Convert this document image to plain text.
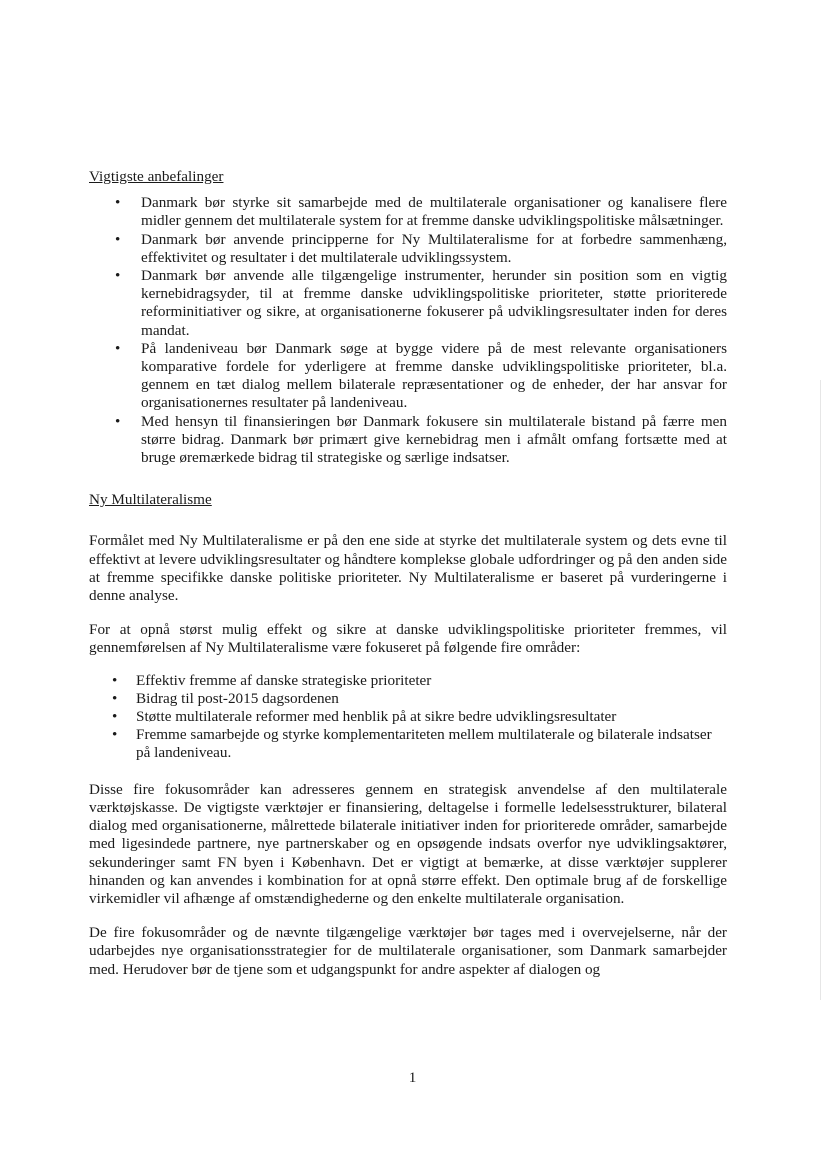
Vigtigste anbefalinger

• Danmark bør styrke sit samarbejde med de multilaterale organisationer og kanalisere flere midler gennem det multilaterale system for at fremme danske udviklingspolitiske målsætninger.
• Danmark bør anvende principperne for Ny Multilateralisme for at forbedre sammenhæng, effektivitet og resultater i det multilaterale udviklingssystem.
• Danmark bør anvende alle tilgængelige instrumenter, herunder sin position som en vigtig kernebidragsyder, til at fremme danske udviklingspolitiske prioriteter, støtte prioriterede reforminitiativer og sikre, at organisationerne fokuserer på udviklingsresultater inden for deres mandat.
• På landeniveau bør Danmark søge at bygge videre på de mest relevante organisationers komparative fordele for yderligere at fremme danske udviklingspolitiske prioriteter, bl.a. gennem en tæt dialog mellem bilaterale repræsentationer og de enheder, der har ansvar for organisationernes resultater på landeniveau.
• Med hensyn til finansieringen bør Danmark fokusere sin multilaterale bistand på færre men større bidrag. Danmark bør primært give kernebidrag men i afmålt omfang fortsætte med at bruge øremærkede bidrag til strategiske og særlige indsatser.

Ny Multilateralisme

Formålet med Ny Multilateralisme er på den ene side at styrke det multilaterale system og dets evne til effektivt at levere udviklingsresultater og håndtere komplekse globale udfordringer og på den anden side at fremme specifikke danske politiske prioriteter. Ny Multilateralisme er baseret på vurderingerne i denne analyse.

For at opnå størst mulig effekt og sikre at danske udviklingspolitiske prioriteter fremmes, vil gennemførelsen af Ny Multilateralisme være fokuseret på følgende fire områder:

• Effektiv fremme af danske strategiske prioriteter
• Bidrag til post-2015 dagsordenen
• Støtte multilaterale reformer med henblik på at sikre bedre udviklingsresultater
• Fremme samarbejde og styrke komplementariteten mellem multilaterale og bilaterale indsatser på landeniveau.

Disse fire fokusområder kan adresseres gennem en strategisk anvendelse af den multilaterale værktøjskasse. De vigtigste værktøjer er finansiering, deltagelse i formelle ledelsesstrukturer, bilateral dialog med organisationerne, målrettede bilaterale initiativer inden for prioriterede områder, samarbejde med ligesindede partnere, nye partnerskaber og en opsøgende indsats overfor nye udviklingsaktører, sekunderinger samt FN byen i København. Det er vigtigt at bemærke, at disse værktøjer supplerer hinanden og kan anvendes i kombination for at opnå større effekt. Den optimale brug af de forskellige virkemidler vil afhænge af omstændighederne og den enkelte multilaterale organisation.

De fire fokusområder og de nævnte tilgængelige værktøjer bør tages med i overvejelserne, når der udarbejdes nye organisationsstrategier for de multilaterale organisationer, som Danmark samarbejder med. Herudover bør de tjene som et udgangspunkt for andre aspekter af dialogen og

1
